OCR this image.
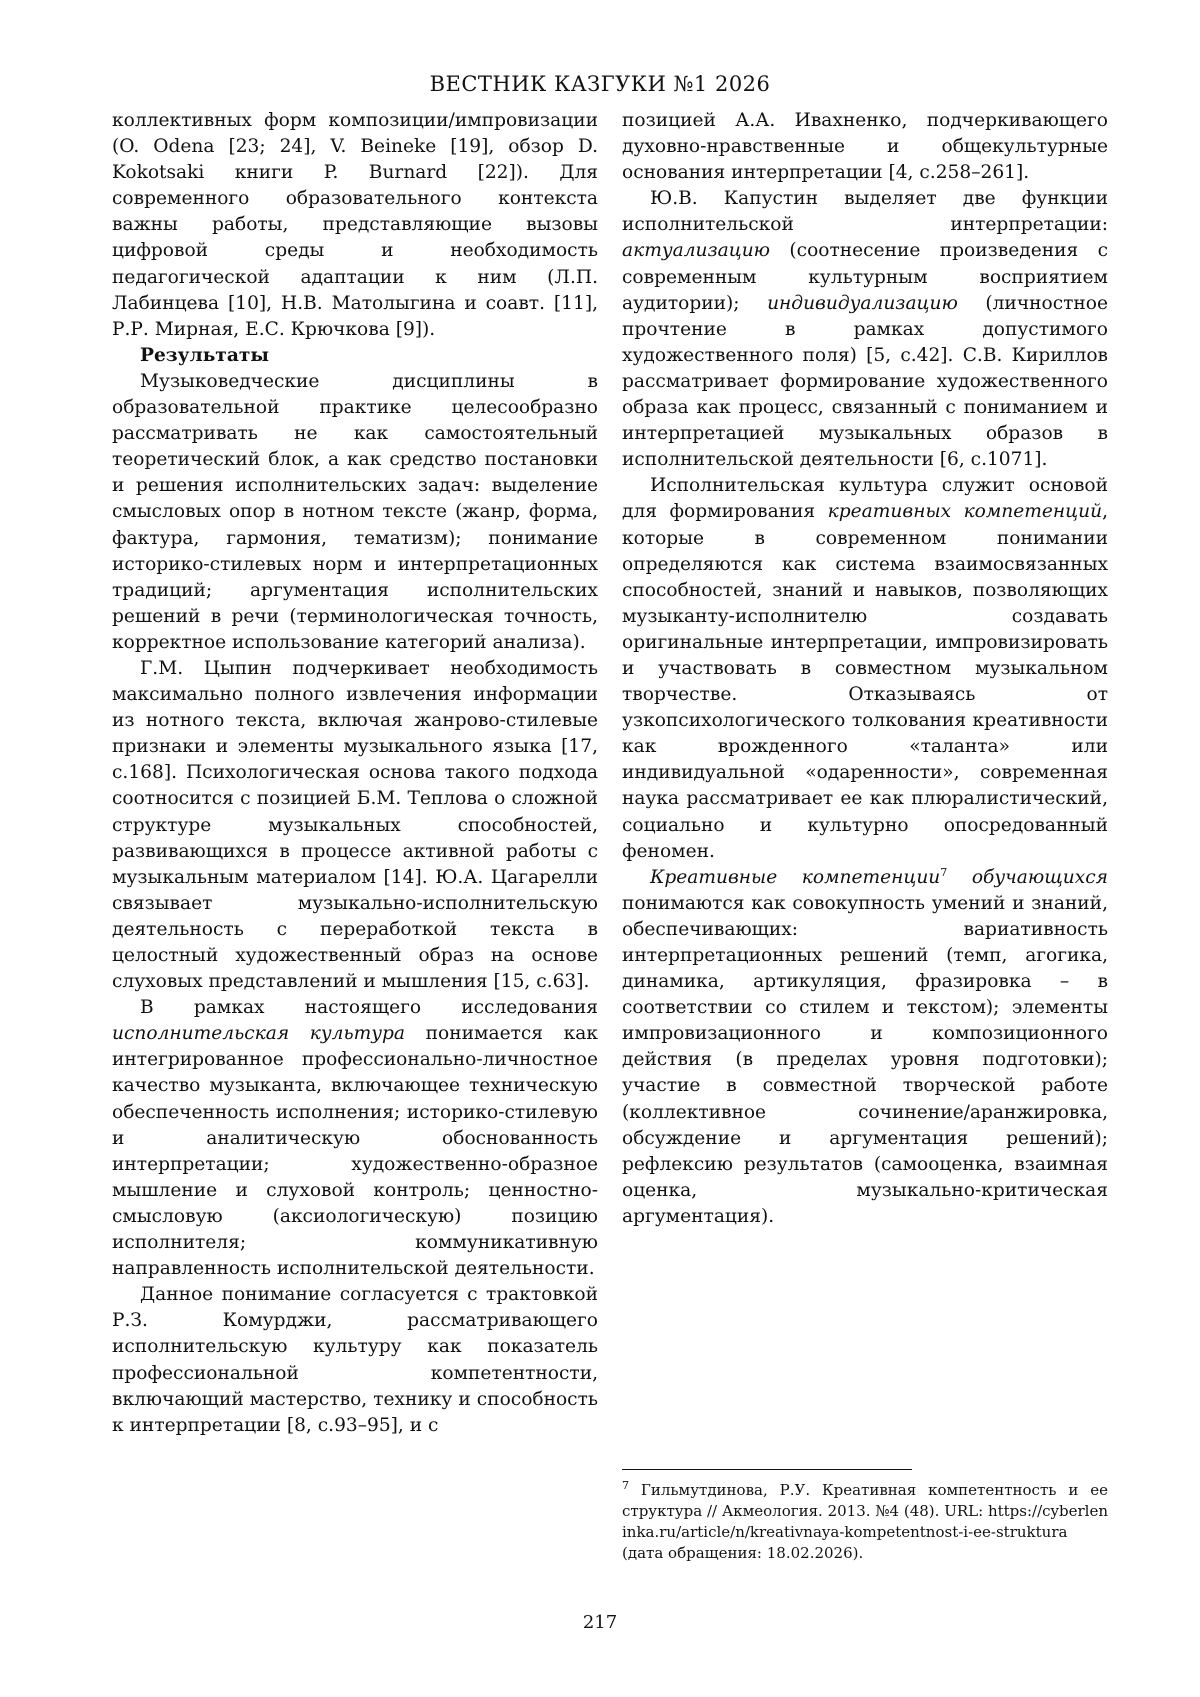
ВЕСТНИК КАЗГУКИ №1 2026

коллективных форм композиции/импровизации (O. Odena [23; 24], V. Beineke [19], обзор D. Kokotsaki книги P. Burnard [22]). Для современного образовательного контекста важны работы, представляющие вызовы цифровой среды и необходимость педагогической адаптации к ним (Л.П. Лабинцева [10], Н.В. Матолыгина и соавт. [11], Р.Р. Мирная, Е.С. Крючкова [9]).

Результаты

Музыковедческие дисциплины в образовательной практике целесообразно рассматривать не как самостоятельный теоретический блок, а как средство постановки и решения исполнительских задач: выделение смысловых опор в нотном тексте (жанр, форма, фактура, гармония, тематизм); понимание историко-стилевых норм и интерпретационных традиций; аргументация исполнительских решений в речи (терминологическая точность, корректное использование категорий анализа).

Г.М. Цыпин подчеркивает необходимость максимально полного извлечения информации из нотного текста, включая жанрово-стилевые признаки и элементы музыкального языка [17, с.168]. Психологическая основа такого подхода соотносится с позицией Б.М. Теплова о сложной структуре музыкальных способностей, развивающихся в процессе активной работы с музыкальным материалом [14]. Ю.А. Цагарелли связывает музыкально-исполнительскую деятельность с переработкой текста в целостный художественный образ на основе слуховых представлений и мышления [15, с.63].

В рамках настоящего исследования исполнительская культура понимается как интегрированное профессионально-личностное качество музыканта, включающее техническую обеспеченность исполнения; историко-стилевую и аналитическую обоснованность интерпретации; художественно-образное мышление и слуховой контроль; ценностно-смысловую (аксиологическую) позицию исполнителя; коммуникативную направленность исполнительской деятельности.

Данное понимание согласуется с трактовкой Р.З. Комурджи, рассматривающего исполнительскую культуру как показатель профессиональной компетентности, включающий мастерство, технику и способность к интерпретации [8, с.93–95], и с

позицией А.А. Ивахненко, подчеркивающего духовно-нравственные и общекультурные основания интерпретации [4, с.258–261].

Ю.В. Капустин выделяет две функции исполнительской интерпретации: актуализацию (соотнесение произведения с современным культурным восприятием аудитории); индивидуализацию (личностное прочтение в рамках допустимого художественного поля) [5, с.42]. С.В. Кириллов рассматривает формирование художественного образа как процесс, связанный с пониманием и интерпретацией музыкальных образов в исполнительской деятельности [6, с.1071].

Исполнительская культура служит основой для формирования креативных компетенций, которые в современном понимании определяются как система взаимосвязанных способностей, знаний и навыков, позволяющих музыканту-исполнителю создавать оригинальные интерпретации, импровизировать и участвовать в совместном музыкальном творчестве. Отказываясь от узкопсихологического толкования креативности как врожденного «таланта» или индивидуальной «одаренности», современная наука рассматривает ее как плюралистический, социально и культурно опосредованный феномен.

Креативные компетенции$^7$ обучающихся понимаются как совокупность умений и знаний, обеспечивающих: вариативность интерпретационных решений (темп, агогика, динамика, артикуляция, фразировка – в соответствии со стилем и текстом); элементы импровизационного и композиционного действия (в пределах уровня подготовки); участие в совместной творческой работе (коллективное сочинение/аранжировка, обсуждение и аргументация решений); рефлексию результатов (самооценка, взаимная оценка, музыкально-критическая аргументация).

$^7$ Гильмутдинова, Р.У. Креативная компетентность и ее структура // Акмеология. 2013. №4 (48). URL: https://cyberleninka.ru/article/n/kreativnaya-kompetentnost-i-ee-struktura (дата обращения: 18.02.2026).

217
